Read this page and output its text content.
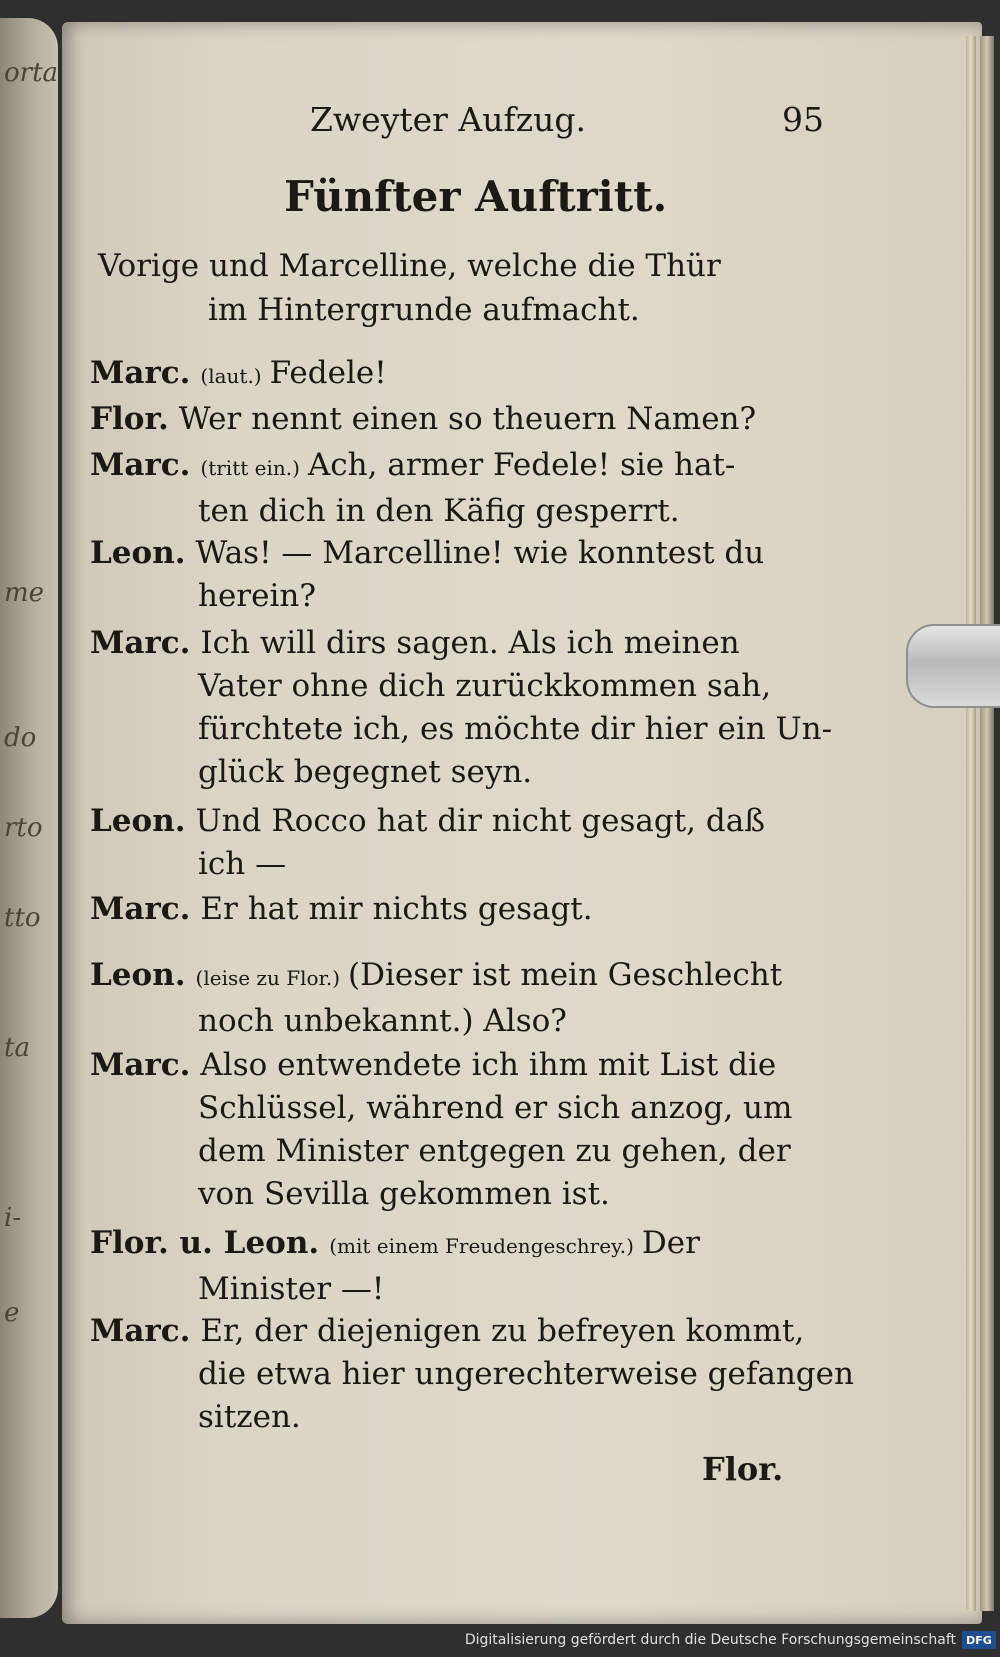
orta
me
do
rto
tto
ta
i-
e
Zweyter Aufzug.	95
Fünfter Auftritt.
Vorige und Marcelline, welche die Thür
im Hintergrunde aufmacht.
Marc. (laut.) Fedele!
Flor. Wer nennt einen so theuern Namen?
Marc. (tritt ein.) Ach, armer Fedele! sie hat-
ten dich in den Käfig gesperrt.
Leon. Was! — Marcelline! wie konntest du
herein?
Marc. Ich will dirs sagen. Als ich meinen
Vater ohne dich zurückkommen sah,
fürchtete ich, es möchte dir hier ein Un-
glück begegnet seyn.
Leon. Und Rocco hat dir nicht gesagt, daß
ich —
Marc. Er hat mir nichts gesagt.
Leon. (leise zu Flor.) (Dieser ist mein Geschlecht
noch unbekannt.) Also?
Marc. Also entwendete ich ihm mit List die
Schlüssel, während er sich anzog, um
dem Minister entgegen zu gehen, der
von Sevilla gekommen ist.
Flor. u. Leon. (mit einem Freudengeschrey.) Der
Minister —!
Marc. Er, der diejenigen zu befreyen kommt,
die etwa hier ungerechterweise gefangen
sitzen.
Flor.
Digitalisierung gefördert durch die Deutsche Forschungsgemeinschaft DFG
